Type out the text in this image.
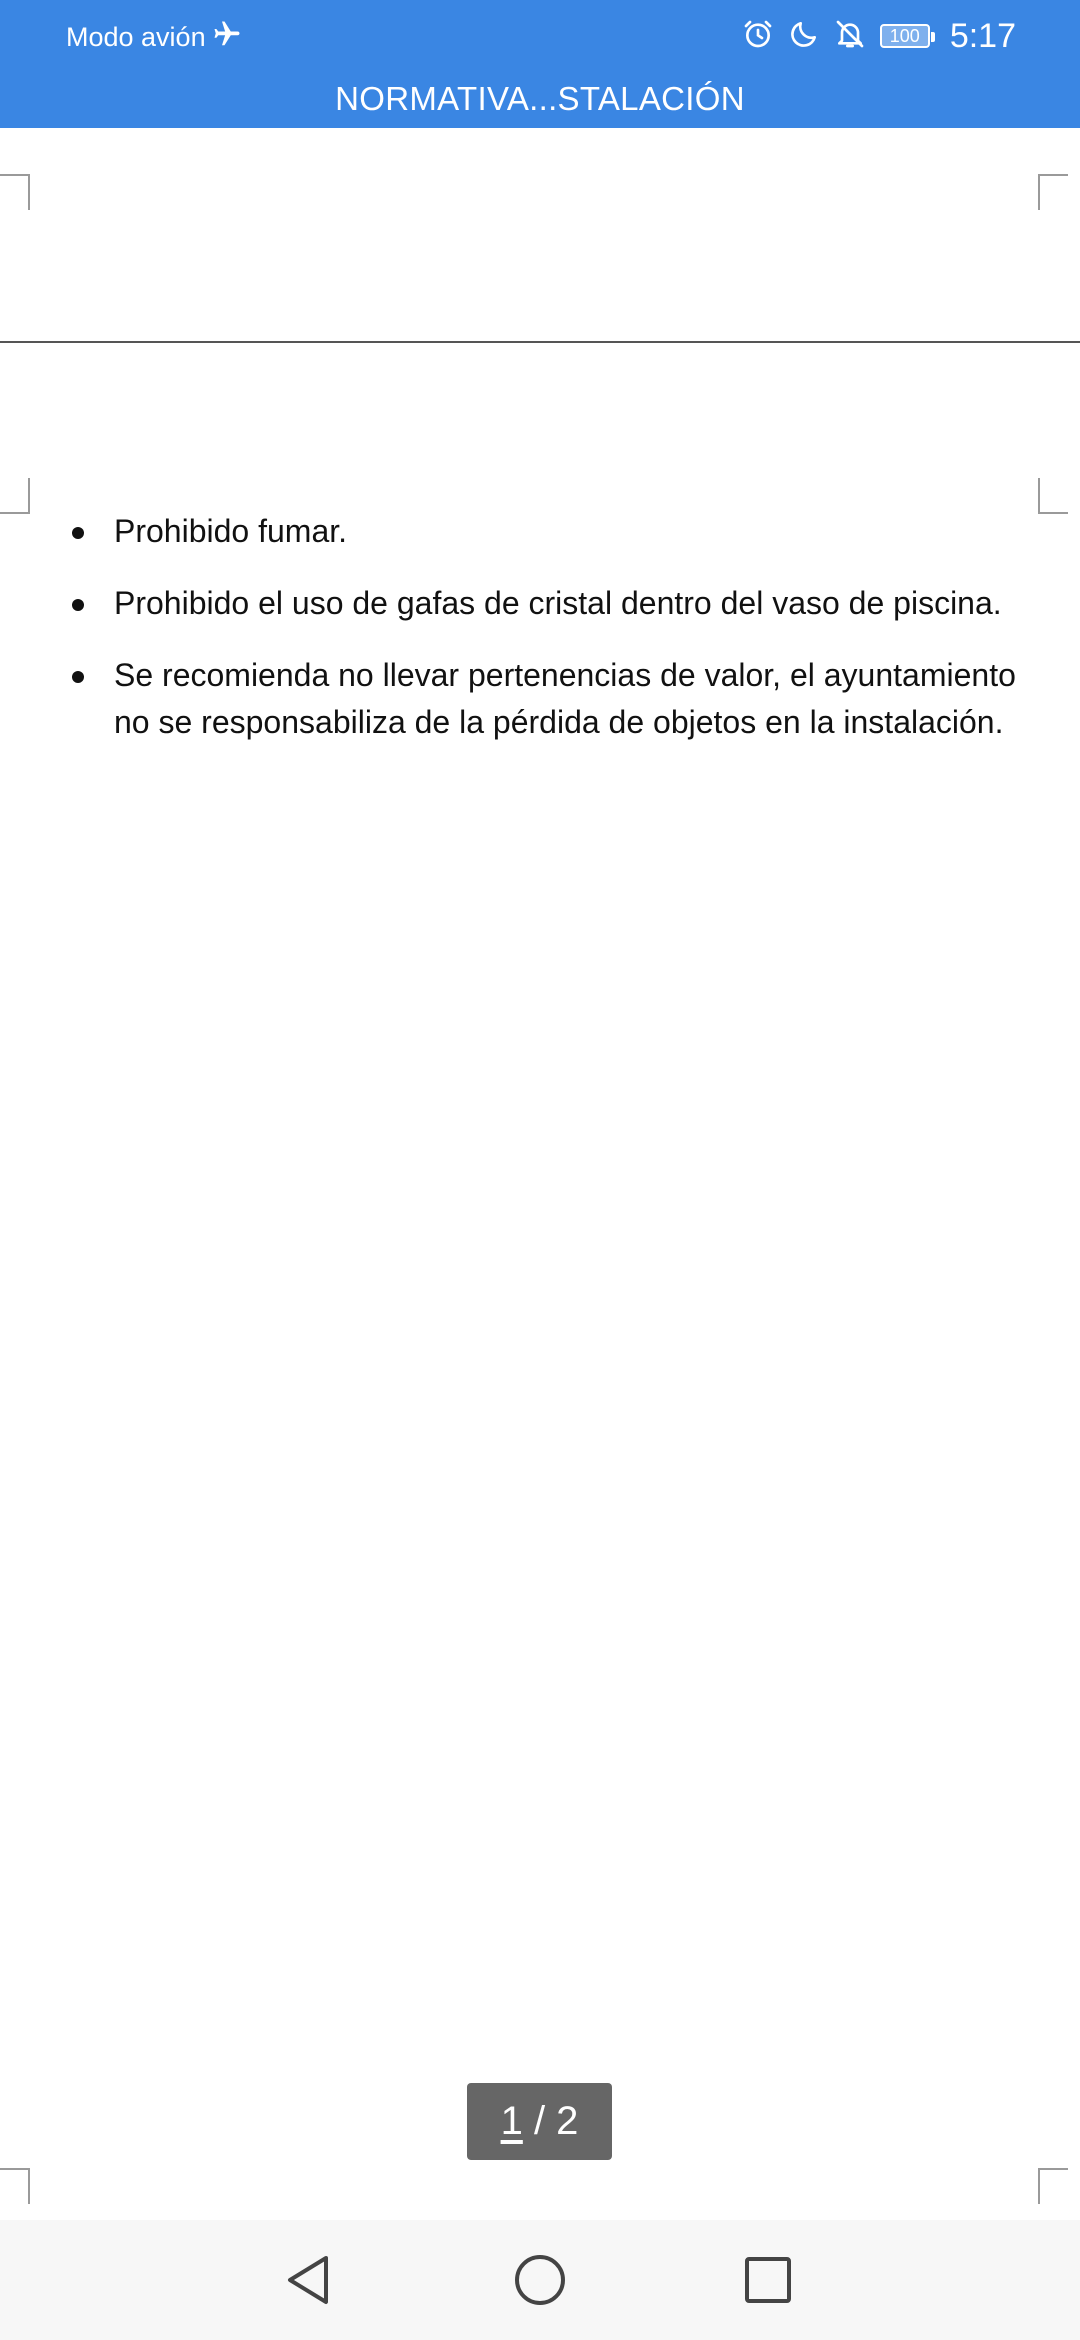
Modo avión	100 5:17
NORMATIVA...STALACIÓN
Prohibido fumar.
Prohibido el uso de gafas de cristal dentro del vaso de piscina.
Se recomienda no llevar pertenencias de valor, el ayuntamiento no se responsabiliza de la pérdida de objetos en la instalación.
1 / 2
